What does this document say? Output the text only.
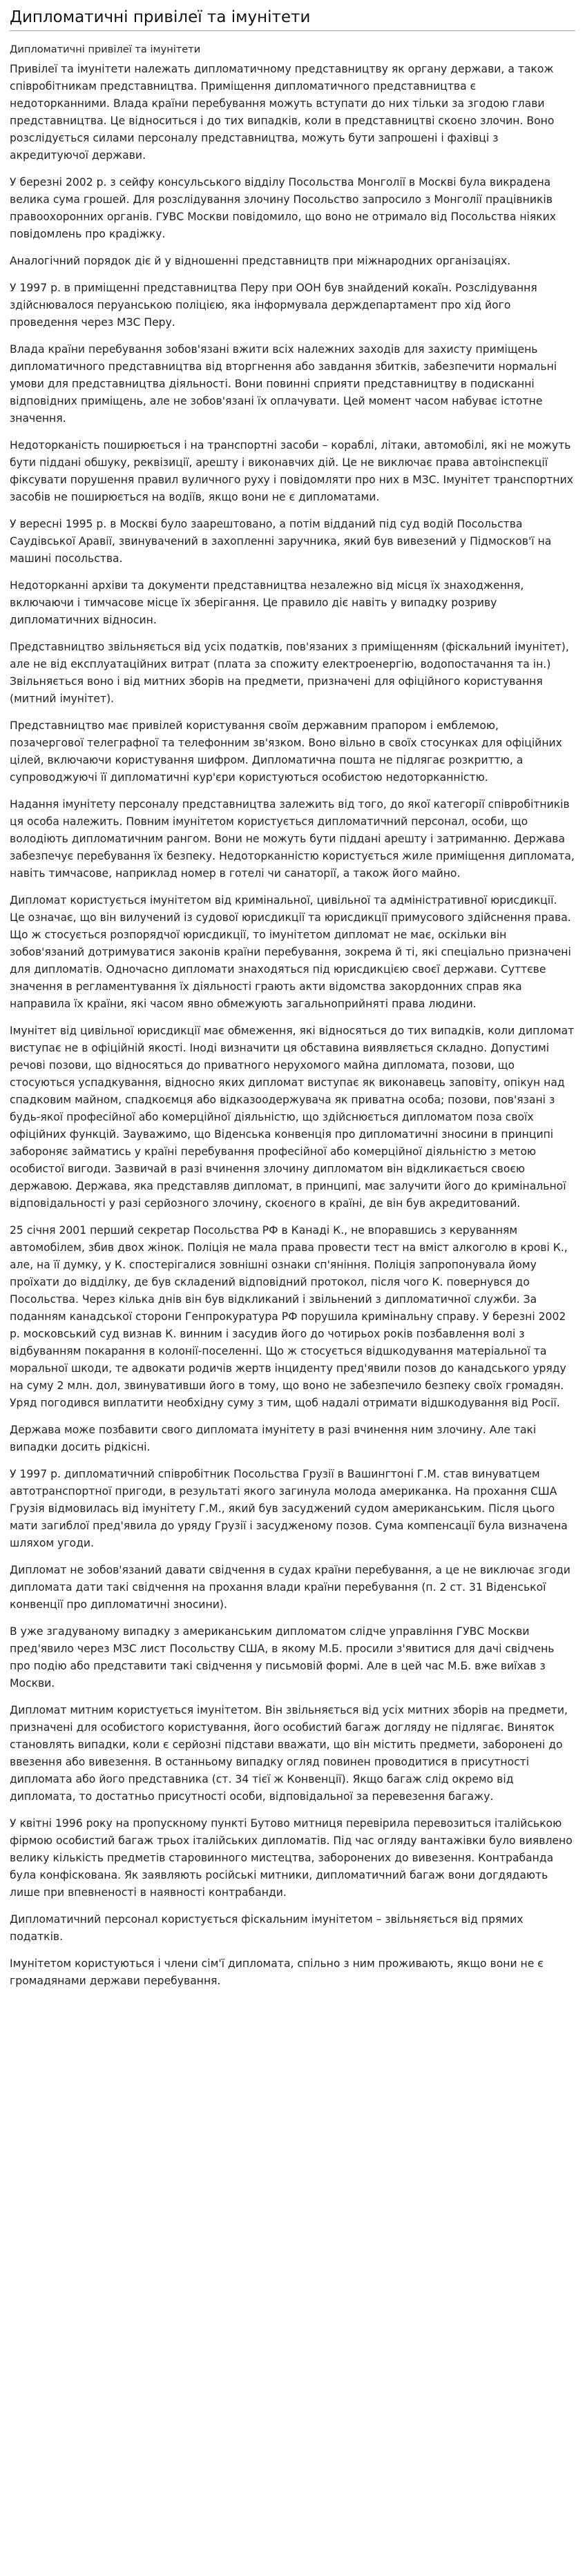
Дипломатичні привілеї та імунітети
Дипломатичні привілеї та імунітети

Привілеї та імунітети належать дипломатичному представництву як органу держави, а також співробітникам представництва. Приміщення дипломатичного представництва є недоторканними. Влада країни перебування можуть вступати до них тільки за згодою глави представництва. Це відноситься і до тих випадків, коли в представництві скоєно злочин. Воно розслідується силами персоналу представництва, можуть бути запрошені і фахівці з акредитуючої держави.

У березні 2002 р. з сейфу консульського відділу Посольства Монголії в Москві була викрадена велика сума грошей. Для розслідування злочину Посольство запросило з Монголії працівників правоохоронних органів. ГУВС Москви повідомило, що воно не отримало від Посольства ніяких повідомлень про крадіжку.

Аналогічний порядок діє й у відношенні представництв при міжнародних організаціях.

У 1997 р. в приміщенні представництва Перу при ООН був знайдений кокаїн. Розслідування здійснювалося перуанською поліцією, яка інформувала держдепартамент про хід його проведення через МЗС Перу.

Влада країни перебування зобов'язані вжити всіх належних заходів для захисту приміщень дипломатичного представництва від вторгнення або завдання збитків, забезпечити нормальні умови для представництва діяльності. Вони повинні сприяти представництву в подисканні відповідних приміщень, але не зобов'язані їх оплачувати. Цей момент часом набуває істотне значення.

Недоторканість поширюється і на транспортні засоби – кораблі, літаки, автомобілі, які не можуть бути піддані обшуку, реквізиції, арешту і виконавчих дій. Це не виключає права автоінспекції фіксувати порушення правил вуличного руху і повідомляти про них в МЗС. Імунітет транспортних засобів не поширюється на водіїв, якщо вони не є дипломатами.

У вересні 1995 р. в Москві було заарештовано, а потім відданий під суд водій Посольства Саудівської Аравії, звинувачений в захопленні заручника, який був вивезений у Підмосков'ї на машині посольства.

Недоторканні архіви та документи представництва незалежно від місця їх знаходження, включаючи і тимчасове місце їх зберігання. Це правило діє навіть у випадку розриву дипломатичних відносин.

Представництво звільняється від усіх податків, пов'язаних з приміщенням (фіскальний імунітет), але не від експлуатаційних витрат (плата за спожиту електроенергію, водопостачання та ін.) Звільняється воно і від митних зборів на предмети, призначені для офіційного користування (митний імунітет).

Представництво має привілей користування своїм державним прапором і емблемою, позачергової телеграфної та телефонним зв'язком. Воно вільно в своїх стосунках для офіційних цілей, включаючи користування шифром. Дипломатична пошта не підлягає розкриттю, а супроводжуючі її дипломатичні кур'єри користуються особистою недоторканністю.

Надання імунітету персоналу представництва залежить від того, до якої категорії співробітників ця особа належить. Повним імунітетом користується дипломатичний персонал, особи, що володіють дипломатичним рангом. Вони не можуть бути піддані арешту і затриманню. Держава забезпечує перебування їх безпеку. Недоторканністю користується жиле приміщення дипломата, навіть тимчасове, наприклад номер в готелі чи санаторії, а також його майно.

Дипломат користується імунітетом від кримінальної, цивільної та адміністративної юрисдикції. Це означає, що він вилучений із судової юрисдикції та юрисдикції примусового здійснення права. Що ж стосується розпорядчої юрисдикції, то імунітетом дипломат не має, оскільки він зобов'язаний дотримуватися законів країни перебування, зокрема й ті, які спеціально призначені для дипломатів. Одночасно дипломати знаходяться під юрисдикцією своєї держави. Суттєве значення в регламентування їх діяльності грають акти відомства закордонних справ яка направила їх країни, які часом явно обмежують загальноприйняті права людини.

Імунітет від цивільної юрисдикції має обмеження, які відносяться до тих випадків, коли дипломат виступає не в офіційній якості. Іноді визначити ця обставина виявляється складно. Допустимі речові позови, що відносяться до приватного нерухомого майна дипломата, позови, що стосуються успадкування, відносно яких дипломат виступає як виконавець заповіту, опікун над спадковим майном, спадкоємця або відказоодержувача як приватна особа; позови, пов'язані з будь-якої професійної або комерційної діяльністю, що здійснюється дипломатом поза своїх офіційних функцій. Зауважимо, що Віденська конвенція про дипломатичні зносини в принципі забороняє займатись у країні перебування професійної або комерційної діяльністю з метою особистої вигоди. Зазвичай в разі вчинення злочину дипломатом він відкликається своєю державою. Держава, яка представляв дипломат, в принципі, має залучити його до кримінальної відповідальності у разі серйозного злочину, скоєного в країні, де він був акредитований.

25 січня 2001 перший секретар Посольства РФ в Канаді К., не впоравшись з керуванням автомобілем, збив двох жінок. Поліція не мала права провести тест на вміст алкоголю в крові К., але, на її думку, у К. спостерігалися зовнішні ознаки сп'яніння. Поліція запропонувала йому проїхати до відділку, де був складений відповідний протокол, після чого К. повернувся до Посольства. Через кілька днів він був відкликаний і звільнений з дипломатичної служби. За поданням канадської сторони Генпрокуратура РФ порушила кримінальну справу. У березні 2002 р. московський суд визнав К. винним і засудив його до чотирьох років позбавлення волі з відбуванням покарання в колонії-поселенні. Що ж стосується відшкодування матеріальної та моральної шкоди, те адвокати родичів жертв інциденту пред'явили позов до канадського уряду на суму 2 млн. дол, звинувативши його в тому, що воно не забезпечило безпеку своїх громадян. Уряд погодився виплатити необхідну суму з тим, щоб надалі отримати відшкодування від Росії.

Держава може позбавити свого дипломата імунітету в разі вчинення ним злочину. Але такі випадки досить рідкісні.

У 1997 р. дипломатичний співробітник Посольства Грузії в Вашингтоні Г.М. став винуватцем автотранспортної пригоди, в результаті якого загинула молода американка. На прохання США Грузія відмовилась від імунітету Г.М., який був засуджений судом американським. Після цього мати загиблої пред'явила до уряду Грузії і засудженому позов. Сума компенсації була визначена шляхом угоди.

Дипломат не зобов'язаний давати свідчення в судах країни перебування, а це не виключає згоди дипломата дати такі свідчення на прохання влади країни перебування (п. 2 ст. 31 Віденської конвенції про дипломатичні зносини).

В уже згадуваному випадку з американським дипломатом слідче управління ГУВС Москви пред'явило через МЗС лист Посольству США, в якому М.Б. просили з'явитися для дачі свідчень про подію або представити такі свідчення у письмовій формі. Але в цей час М.Б. вже виїхав з Москви.

Дипломат митним користується імунітетом. Він звільняється від усіх митних зборів на предмети, призначені для особистого користування, його особистий багаж догляду не підлягає. Виняток становлять випадки, коли є серйозні підстави вважати, що він містить предмети, заборонені до ввезення або вивезення. В останньому випадку огляд повинен проводитися в присутності дипломата або його представника (ст. 34 тієї ж Конвенції). Якщо багаж слід окремо від дипломата, то достатньо присутності особи, відповідальної за перевезення багажу.

У квітні 1996 року на пропускному пункті Бутово митниця перевірила перевозиться італійською фірмою особистий багаж трьох італійських дипломатів. Під час огляду вантажівки було виявлено велику кількість предметів старовинного мистецтва, заборонених до вивезення. Контрабанда була конфіскована. Як заявляють російські митники, дипломатичний багаж вони догдядають лише при впевненості в наявності контрабанди.

Дипломатичний персонал користується фіскальним імунітетом – звільняється від прямих податків.

Імунітетом користуються і члени сім'ї дипломата, спільно з ним проживають, якщо вони не є громадянами держави перебування.
